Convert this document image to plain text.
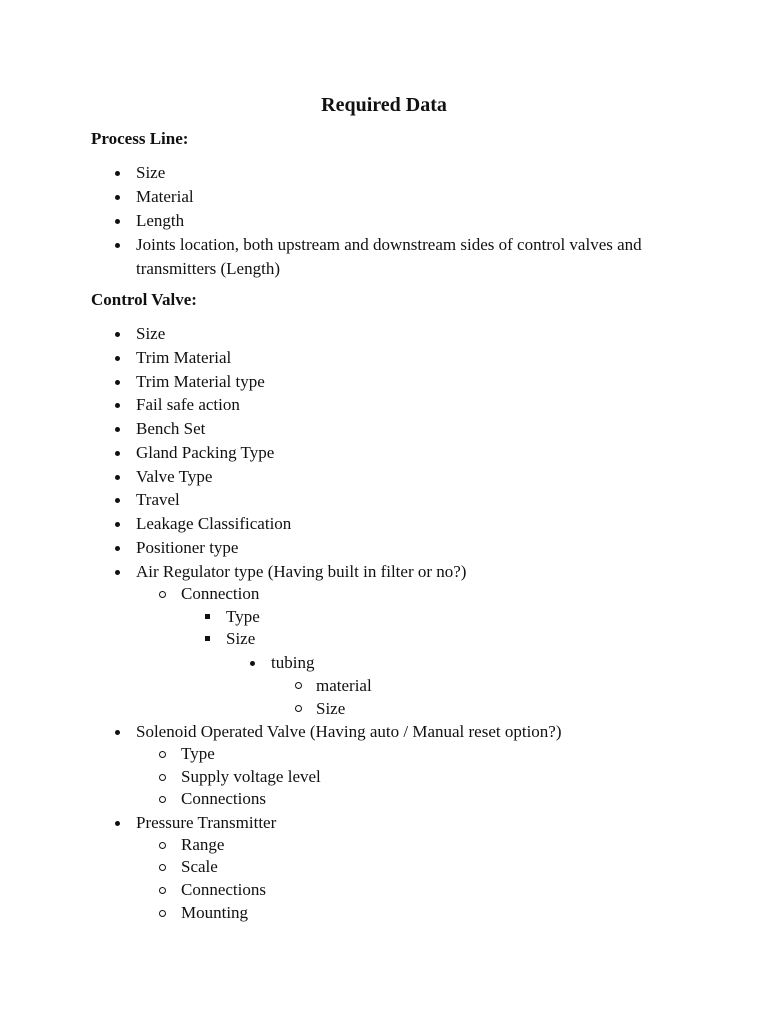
Required Data
Process Line:
Size
Material
Length
Joints location, both upstream and downstream sides of control valves and
transmitters (Length)
Control Valve:
Size
Trim Material
Trim Material type
Fail safe action
Bench Set
Gland Packing Type
Valve Type
Travel
Leakage Classification
Positioner type
Air Regulator type (Having built in filter or no?)
Connection
Type
Size
tubing
material
Size
Solenoid Operated Valve (Having auto / Manual reset option?)
Type
Supply voltage level
Connections
Pressure Transmitter
Range
Scale
Connections
Mounting
